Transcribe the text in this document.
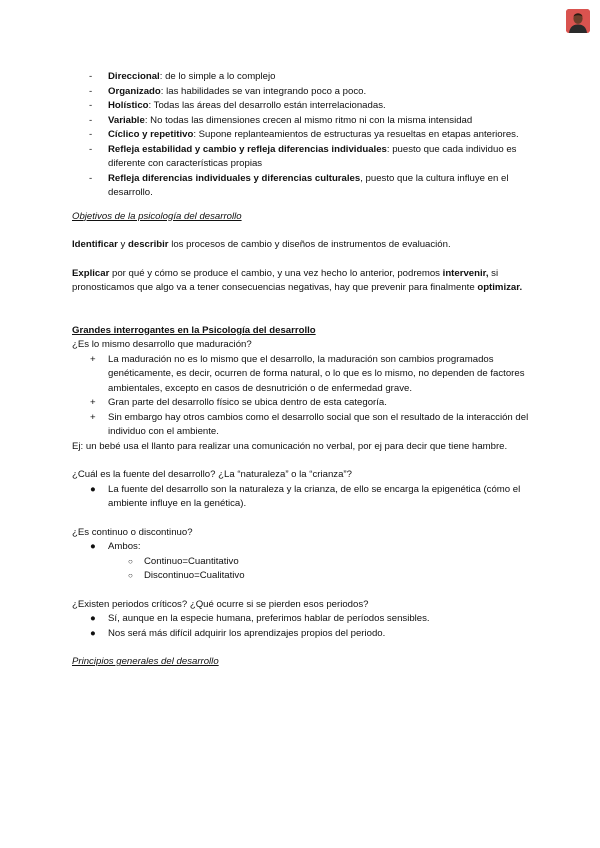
- Direccional: de lo simple a lo complejo
- Organizado: las habilidades se van integrando poco a poco.
- Holístico: Todas las áreas del desarrollo están interrelacionadas.
- Variable: No todas las dimensiones crecen al mismo ritmo ni con la misma intensidad
- Cíclico y repetitivo: Supone replanteamientos de estructuras ya resueltas en etapas anteriores.
- Refleja estabilidad y cambio y refleja diferencias individuales: puesto que cada individuo es diferente con características propias
- Refleja diferencias individuales y diferencias culturales, puesto que la cultura influye en el desarrollo.

Objetivos de la psicología del desarrollo

Identificar y describir los procesos de cambio y diseños de instrumentos de evaluación.

Explicar por qué y cómo se produce el cambio, y una vez hecho lo anterior, podremos intervenir, si pronosticamos que algo va a tener consecuencias negativas, hay que prevenir para finalmente optimizar.

Grandes interrogantes en la Psicología del desarrollo

¿Es lo mismo desarrollo que maduración?

+ La maduración no es lo mismo que el desarrollo, la maduración son cambios programados genéticamente, es decir, ocurren de forma natural, o lo que es lo mismo, no dependen de factores ambientales, excepto en casos de desnutrición o de enfermedad grave.
+ Gran parte del desarrollo físico se ubica dentro de esta categoría.
+ Sin embargo hay otros cambios como el desarrollo social que son el resultado de la interacción del individuo con el ambiente.

Ej: un bebé usa el llanto para realizar una comunicación no verbal, por ej para decir que tiene hambre.

¿Cuál es la fuente del desarrollo? ¿La “naturaleza” o la “crianza”?

● La fuente del desarrollo son la naturaleza y la crianza, de ello se encarga la epigenética (cómo el ambiente influye en la genética).

¿Es continuo o discontinuo?

● Ambos:
○ Continuo=Cuantitativo
○ Discontinuo=Cualitativo

¿Existen periodos críticos? ¿Qué ocurre si se pierden esos periodos?

● Sí, aunque en la especie humana, preferimos hablar de períodos sensibles.
● Nos será más difícil adquirir los aprendizajes propios del periodo.

Principios generales del desarrollo
